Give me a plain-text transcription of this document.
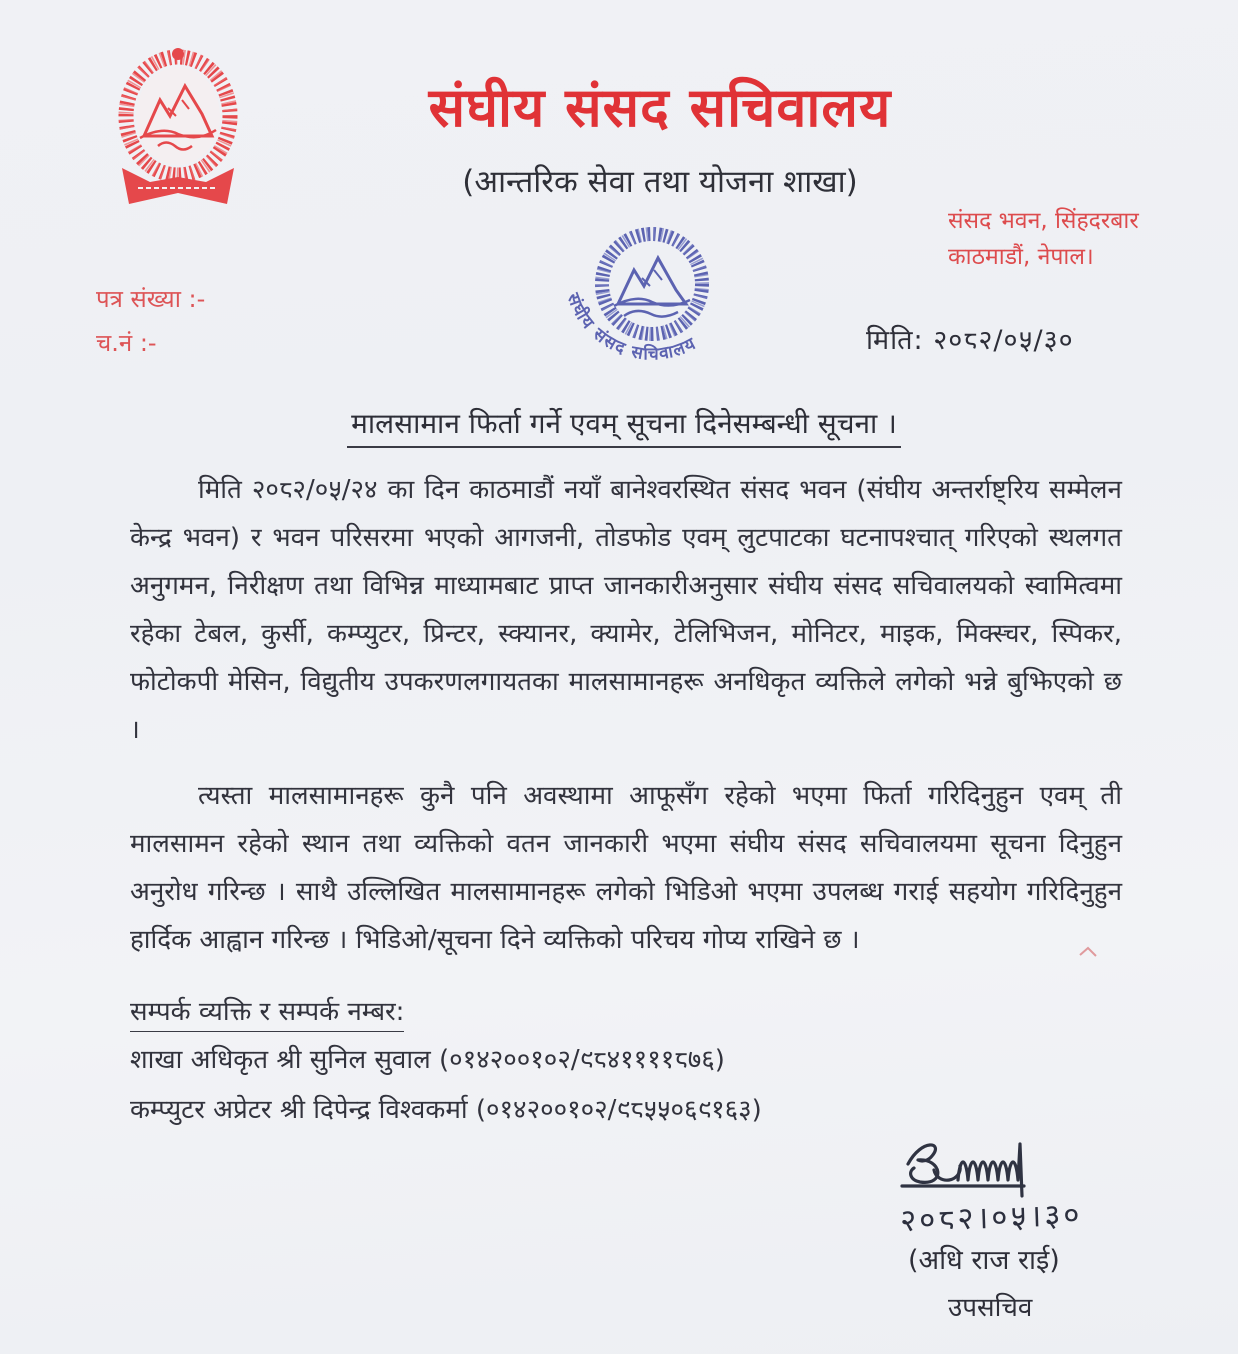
संघीय संसद सचिवालय
(आन्तरिक सेवा तथा योजना शाखा)
संसद भवन, सिंहदरबार
काठमाडौं, नेपाल।
पत्र संख्या :-
च.नं :-
संघीय संसद सचिवालय	मिति: २०८२/०५/३०
मालसामान फिर्ता गर्ने एवम् सूचना दिनेसम्बन्धी सूचना ।
मिति २०८२/०५/२४ का दिन काठमाडौं नयाँ बानेश्वरस्थित संसद भवन (संघीय अन्तर्राष्ट्रिय सम्मेलन केन्द्र भवन) र भवन परिसरमा भएको आगजनी, तोडफोड एवम् लुटपाटका घटनापश्चात् गरिएको स्थलगत अनुगमन, निरीक्षण तथा विभिन्न माध्यामबाट प्राप्त जानकारीअनुसार संघीय संसद सचिवालयको स्वामित्वमा रहेका टेबल, कुर्सी, कम्प्युटर, प्रिन्टर, स्क्यानर, क्यामेर, टेलिभिजन, मोनिटर, माइक, मिक्स्चर, स्पिकर, फोटोकपी मेसिन, विद्युतीय उपकरणलगायतका मालसामानहरू अनधिकृत व्यक्तिले लगेको भन्ने बुझिएको छ ।
त्यस्ता मालसामानहरू कुनै पनि अवस्थामा आफूसँग रहेको भएमा फिर्ता गरिदिनुहुन एवम् ती मालसामन रहेको स्थान तथा व्यक्तिको वतन जानकारी भएमा संघीय संसद सचिवालयमा सूचना दिनुहुन अनुरोध गरिन्छ । साथै उल्लिखित मालसामानहरू लगेको भिडिओ भएमा उपलब्ध गराई सहयोग गरिदिनुहुन हार्दिक आह्वान गरिन्छ । भिडिओ/सूचना दिने व्यक्तिको परिचय गोप्य राखिने छ ।
सम्पर्क व्यक्ति र सम्पर्क नम्बर:
शाखा अधिकृत श्री सुनिल सुवाल (०१४२००१०२/९८४११११८७६)
कम्प्युटर अप्रेटर श्री दिपेन्द्र विश्वकर्मा (०१४२००१०२/९८५५०६९१६३)
२०८२।०५।३०
(अधि राज राई)
उपसचिव
